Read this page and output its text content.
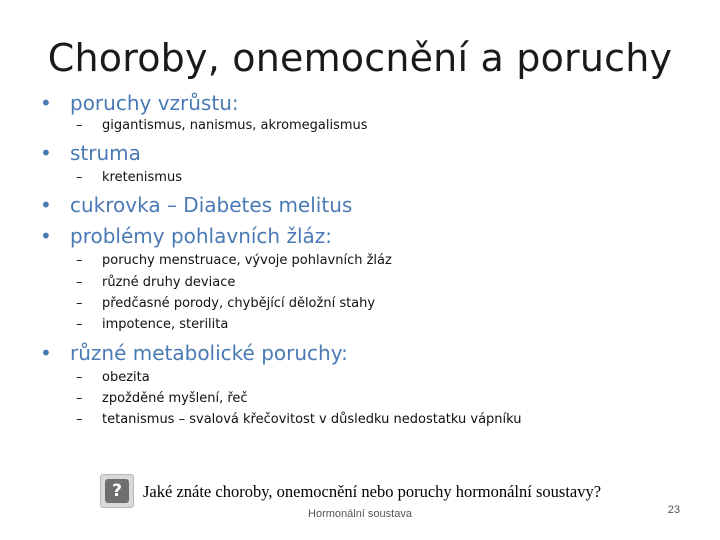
Choroby, onemocnění a poruchy
• poruchy vzrůstu:
– gigantismus, nanismus, akromegalismus
• struma
– kretenismus
• cukrovka – Diabetes melitus
• problémy pohlavních žláz:
– poruchy menstruace, vývoje pohlavních žláz
– různé druhy deviace
– předčasné porody, chybějící děložní stahy
– impotence, sterilita
• různé metabolické poruchy:
– obezita
– zpožděné myšlení, řeč
– tetanismus – svalová křečovitost v důsledku nedostatku vápníku
?	Jaké znáte choroby, onemocnění nebo poruchy hormonální soustavy?
Hormonální soustava	23
